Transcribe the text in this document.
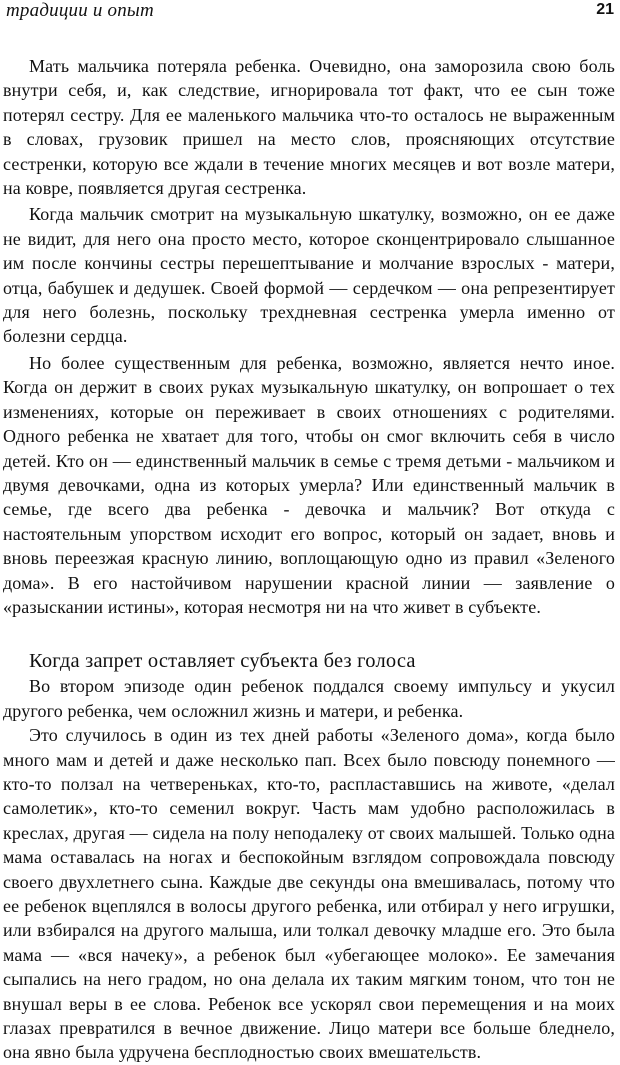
традиции и опыт	21

Мать мальчика потеряла ребенка. Очевидно, она заморозила свою боль внутри себя, и, как следствие, игнорировала тот факт, что ее сын тоже потерял сестру. Для ее маленького мальчика что-то осталось не выраженным в словах, грузовик пришел на место слов, проясняющих отсутствие сестренки, которую все ждали в течение многих месяцев и вот возле матери, на ковре, появляется другая сестренка.

Когда мальчик смотрит на музыкальную шкатулку, возможно, он ее даже не видит, для него она просто место, которое сконцентрировало слышанное им после кончины сестры перешептывание и молчание взрослых - матери, отца, бабушек и дедушек. Своей формой — сердечком — она репрезентирует для него болезнь, поскольку трехдневная сестренка умерла именно от болезни сердца.

Но более существенным для ребенка, возможно, является нечто иное. Когда он держит в своих руках музыкальную шкатулку, он вопрошает о тех изменениях, которые он переживает в своих отношениях с родителями. Одного ребенка не хватает для того, чтобы он смог включить себя в число детей. Кто он — единственный мальчик в семье с тремя детьми - мальчиком и двумя девочками, одна из которых умерла? Или единственный мальчик в семье, где всего два ребенка - девочка и мальчик? Вот откуда с настоятельным упорством исходит его вопрос, который он задает, вновь и вновь переезжая красную линию, воплощающую одно из правил «Зеленого дома». В его настойчивом нарушении красной линии — заявление о «разыскании истины», которая несмотря ни на что живет в субъекте.

Когда запрет оставляет субъекта без голоса

Во втором эпизоде один ребенок поддался своему импульсу и укусил другого ребенка, чем осложнил жизнь и матери, и ребенка.

Это случилось в один из тех дней работы «Зеленого дома», когда было много мам и детей и даже несколько пап. Всех было повсюду понемного — кто-то ползал на четвереньках, кто-то, распластавшись на животе, «делал самолетик», кто-то семенил вокруг. Часть мам удобно расположилась в креслах, другая — сидела на полу неподалеку от своих малышей. Только одна мама оставалась на ногах и беспокойным взглядом сопровождала повсюду своего двухлетнего сына. Каждые две секунды она вмешивалась, потому что ее ребенок вцеплялся в волосы другого ребенка, или отбирал у него игрушки, или взбирался на другого малыша, или толкал девочку младше его. Это была мама — «вся начеку», а ребенок был «убегающее молоко». Ее замечания сыпались на него градом, но она делала их таким мягким тоном, что тон не внушал веры в ее слова. Ребенок все ускорял свои перемещения и на моих глазах превратился в вечное движение. Лицо матери все больше бледнело, она явно была удручена бесплодностью своих вмешательств.
